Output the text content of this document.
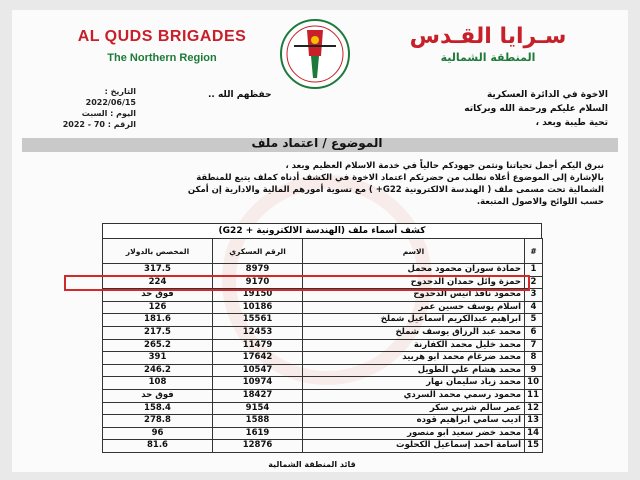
AL QUDS BRIGADES
The Northern Region
سـرايا القـدس
المنطقة الشمالية
التاريخ : 2022/06/15
اليوم : السبت
الرقم : 70 - 2022
الاخوة في الدائرة العسكرية
حفظهم الله ..
السلام عليكم ورحمة الله وبركاته
تحية طيبة وبعد ،
الموضوع / اعتماد ملف
نبرق اليكم أجمل تحياتنا ونثمن جهودكم حالياً في خدمة الاسلام العظيم وبعد ،
بالإشارة إلى الموضوع أعلاه نطلب من حضرتكم اعتماد الاخوة في الكشف أدناه كملف يتبع للمنطقة
الشمالية تحت مسمى ملف ( الهندسة الالكترونية G22+ ) مع تسوية أمورهم المالية والادارية إن أمكن
حسب اللوائح والاصول المتبعة.
كشف أسماء ملف (الهندسة الالكترونية + G22)
#	الاسم	الرقم العسكري	المخصص بالدولار
1	حمادة سوران محمود محمل	8979	317.5
2	حمزة وائل حمدان الدحدوح	9170	224
3	محمود نافذ انيس الدحدوح	19150	فوق حد
4	اسلام يوسف حسين عمر	10186	126
5	ابراهيم عبدالكريم اسماعيل شملخ	15561	181.6
6	محمد عبد الرزاق يوسف شملخ	12453	217.5
7	محمد خليل محمد الكفارنة	11479	265.2
8	محمد ضرغام محمد ابو هربيد	17642	391
9	محمد هشام علي الطويل	10547	246.2
10	محمد زياد سليمان نهار	10974	108
11	محمود رسمي محمد السردي	18427	فوق حد
12	عمر سالم شربي سكر	9154	158.4
13	اديب سامي ابراهيم قوده	1588	278.8
14	محمد خضر سعيد ابو منصور	1619	96
15	أسامة أحمد إسماعيل الكحلوت	12876	81.6
قائد المنطقة الشمالية
